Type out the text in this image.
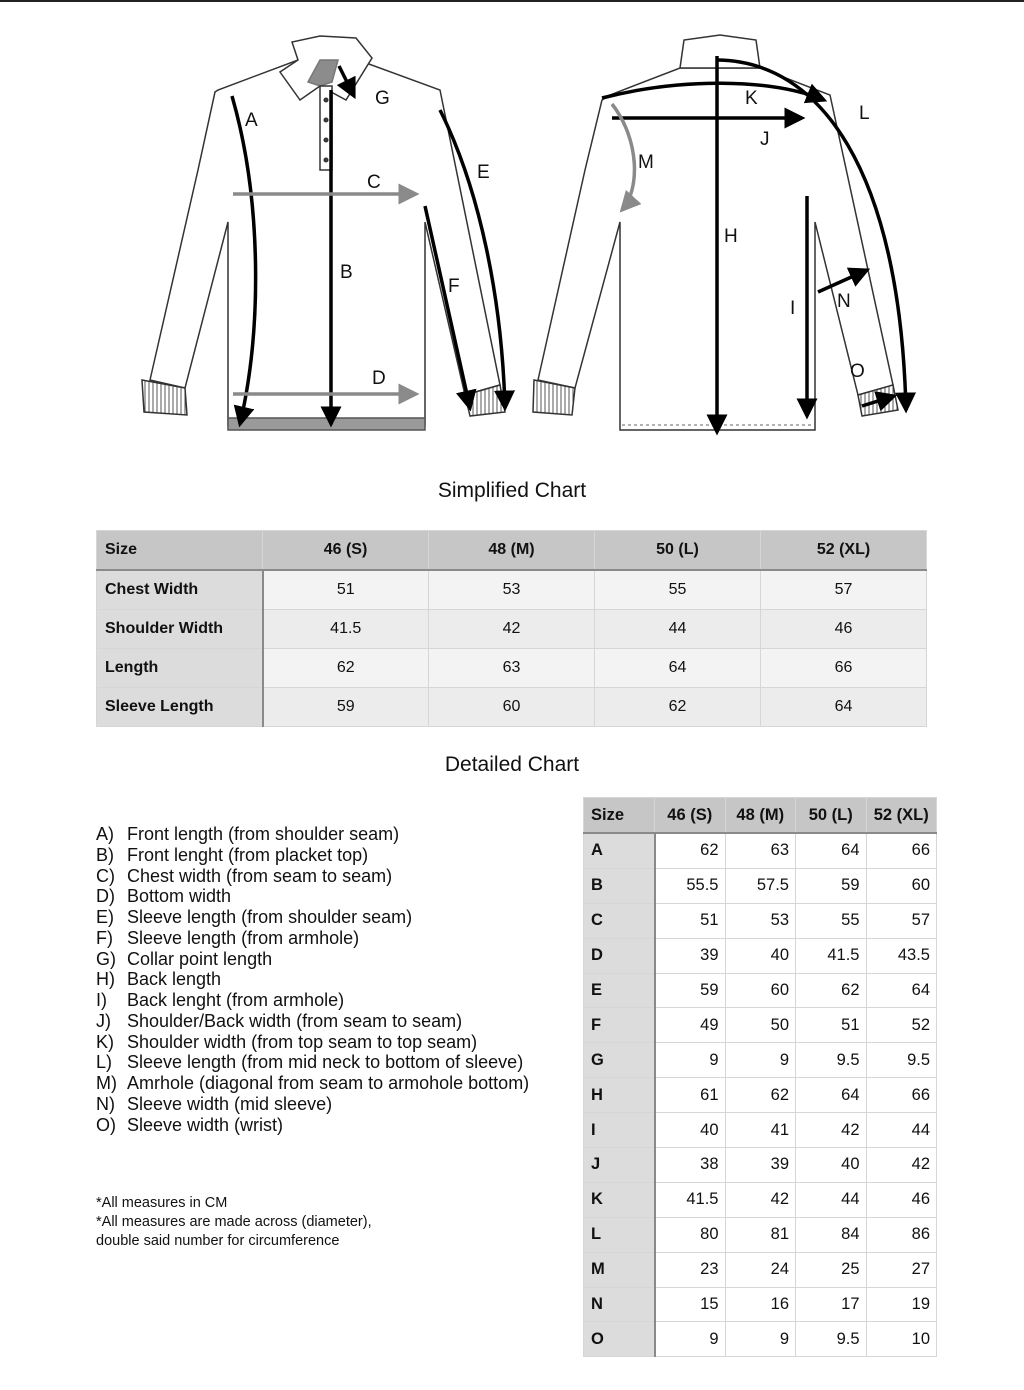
A
B
C
D
E
F
G
H
I
J
K
L
M
N
O
Simplified Chart
Size	46 (S)	48 (M)	50 (L)	52 (XL)
Chest Width	51	53	55	57
Shoulder Width	41.5	42	44	46
Length	62	63	64	66
Sleeve Length	59	60	62	64
Detailed Chart
A) Front length (from shoulder seam)
B) Front lenght (from placket top)
C) Chest width (from seam to seam)
D) Bottom width
E) Sleeve length (from shoulder seam)
F) Sleeve length (from armhole)
G) Collar point length
H) Back length
I) Back lenght (from armhole)
J) Shoulder/Back width (from seam to seam)
K) Shoulder width (from top seam to top seam)
L) Sleeve length (from mid neck to bottom of sleeve)
M) Amrhole (diagonal from seam to armohole bottom)
N) Sleeve width (mid sleeve)
O) Sleeve width (wrist)
*All measures in CM
*All measures are made across (diameter),
double said number for circumference
Size	46 (S)	48 (M)	50 (L)	52 (XL)
A	62	63	64	66
B	55.5	57.5	59	60
C	51	53	55	57
D	39	40	41.5	43.5
E	59	60	62	64
F	49	50	51	52
G	9	9	9.5	9.5
H	61	62	64	66
I	40	41	42	44
J	38	39	40	42
K	41.5	42	44	46
L	80	81	84	86
M	23	24	25	27
N	15	16	17	19
O	9	9	9.5	10
